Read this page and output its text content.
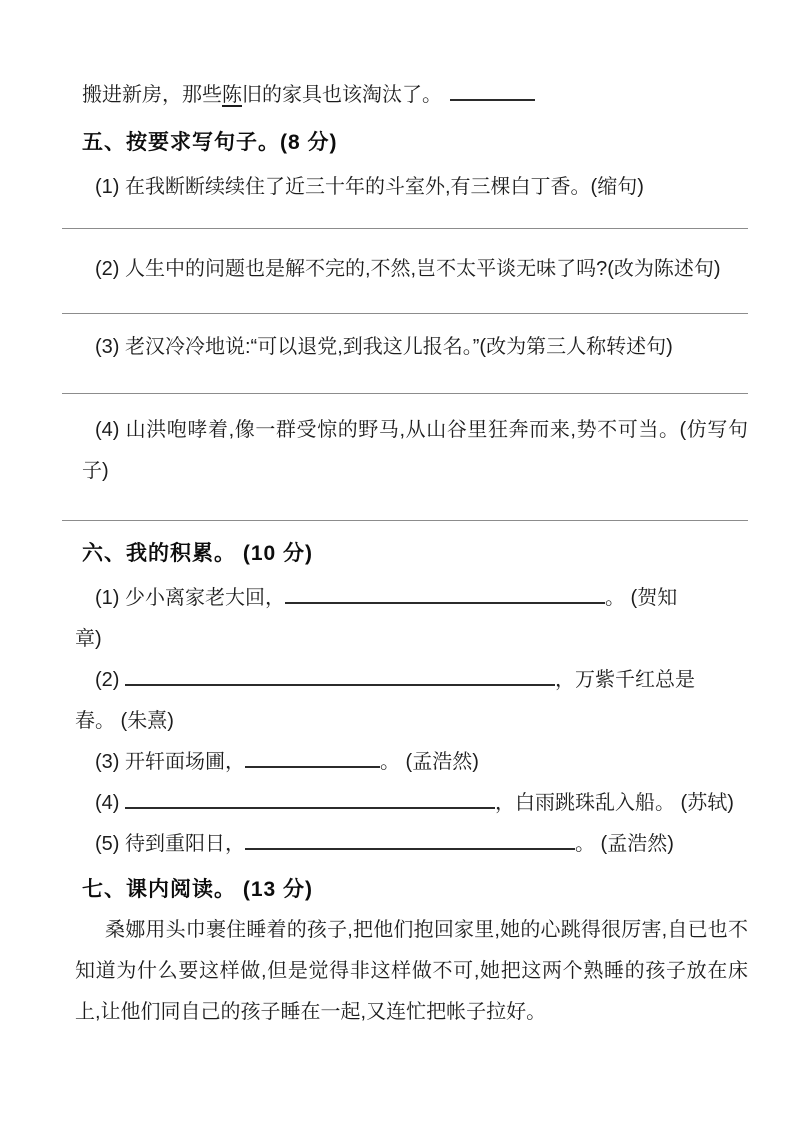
搬进新房，那些陈旧的家具也该淘汰了。
五、按要求写句子。(8 分)
(1) 在我断断续续住了近三十年的斗室外,有三棵白丁香。(缩句)
(2) 人生中的问题也是解不完的,不然,岂不太平谈无味了吗?(改为陈述句)
(3) 老汉冷冷地说:“可以退党,到我这儿报名。”(改为第三人称转述句)
(4) 山洪咆哮着,像一群受惊的野马,从山谷里狂奔而来,势不可当。(仿写句子)
六、我的积累。 (10 分)
(1) 少小离家老大回，	。 (贺知
章)
(2)	，万紫千红总是
春。 (朱熹)
(3) 开轩面场圃，	。 (孟浩然)
(4)	，白雨跳珠乱入船。 (苏轼)
(5) 待到重阳日，	。 (孟浩然)
七、课内阅读。 (13 分)

桑娜用头巾裹住睡着的孩子,把他们抱回家里,她的心跳得很厉害,自已也不知道为什么要这样做,但是觉得非这样做不可,她把这两个熟睡的孩子放在床上,让他们同自己的孩子睡在一起,又连忙把帐子拉好。
